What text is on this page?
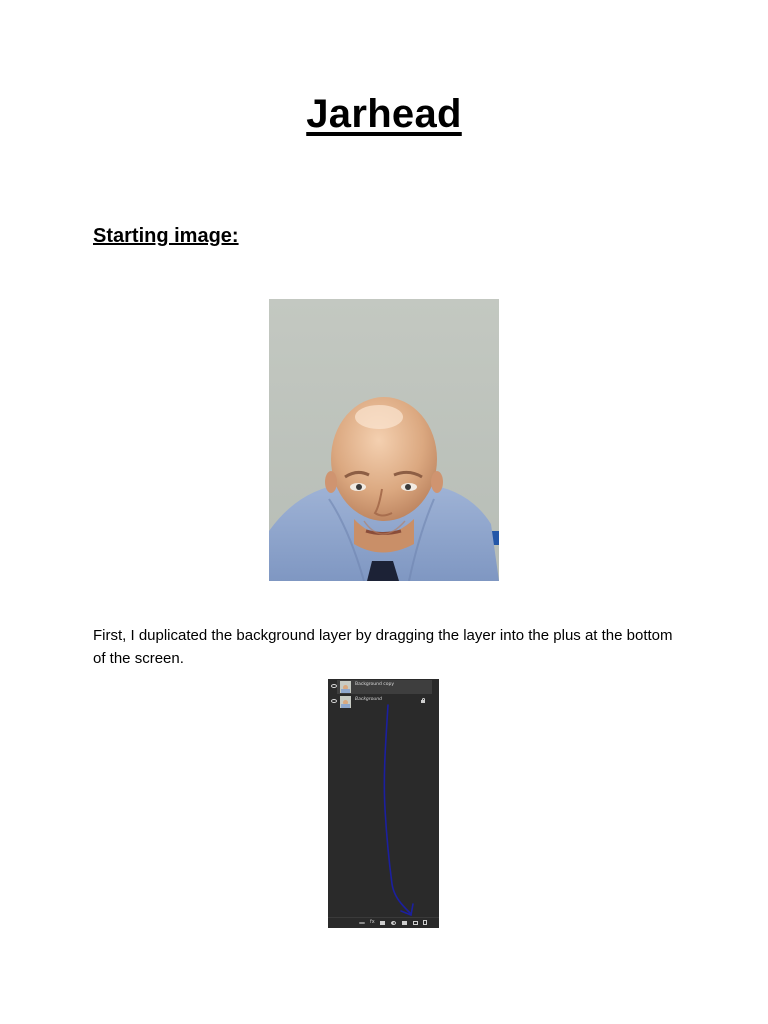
Jarhead
Starting image:

First, I duplicated the background layer by dragging the layer into the plus at the bottom of the screen.

Background copy
Background
fx
